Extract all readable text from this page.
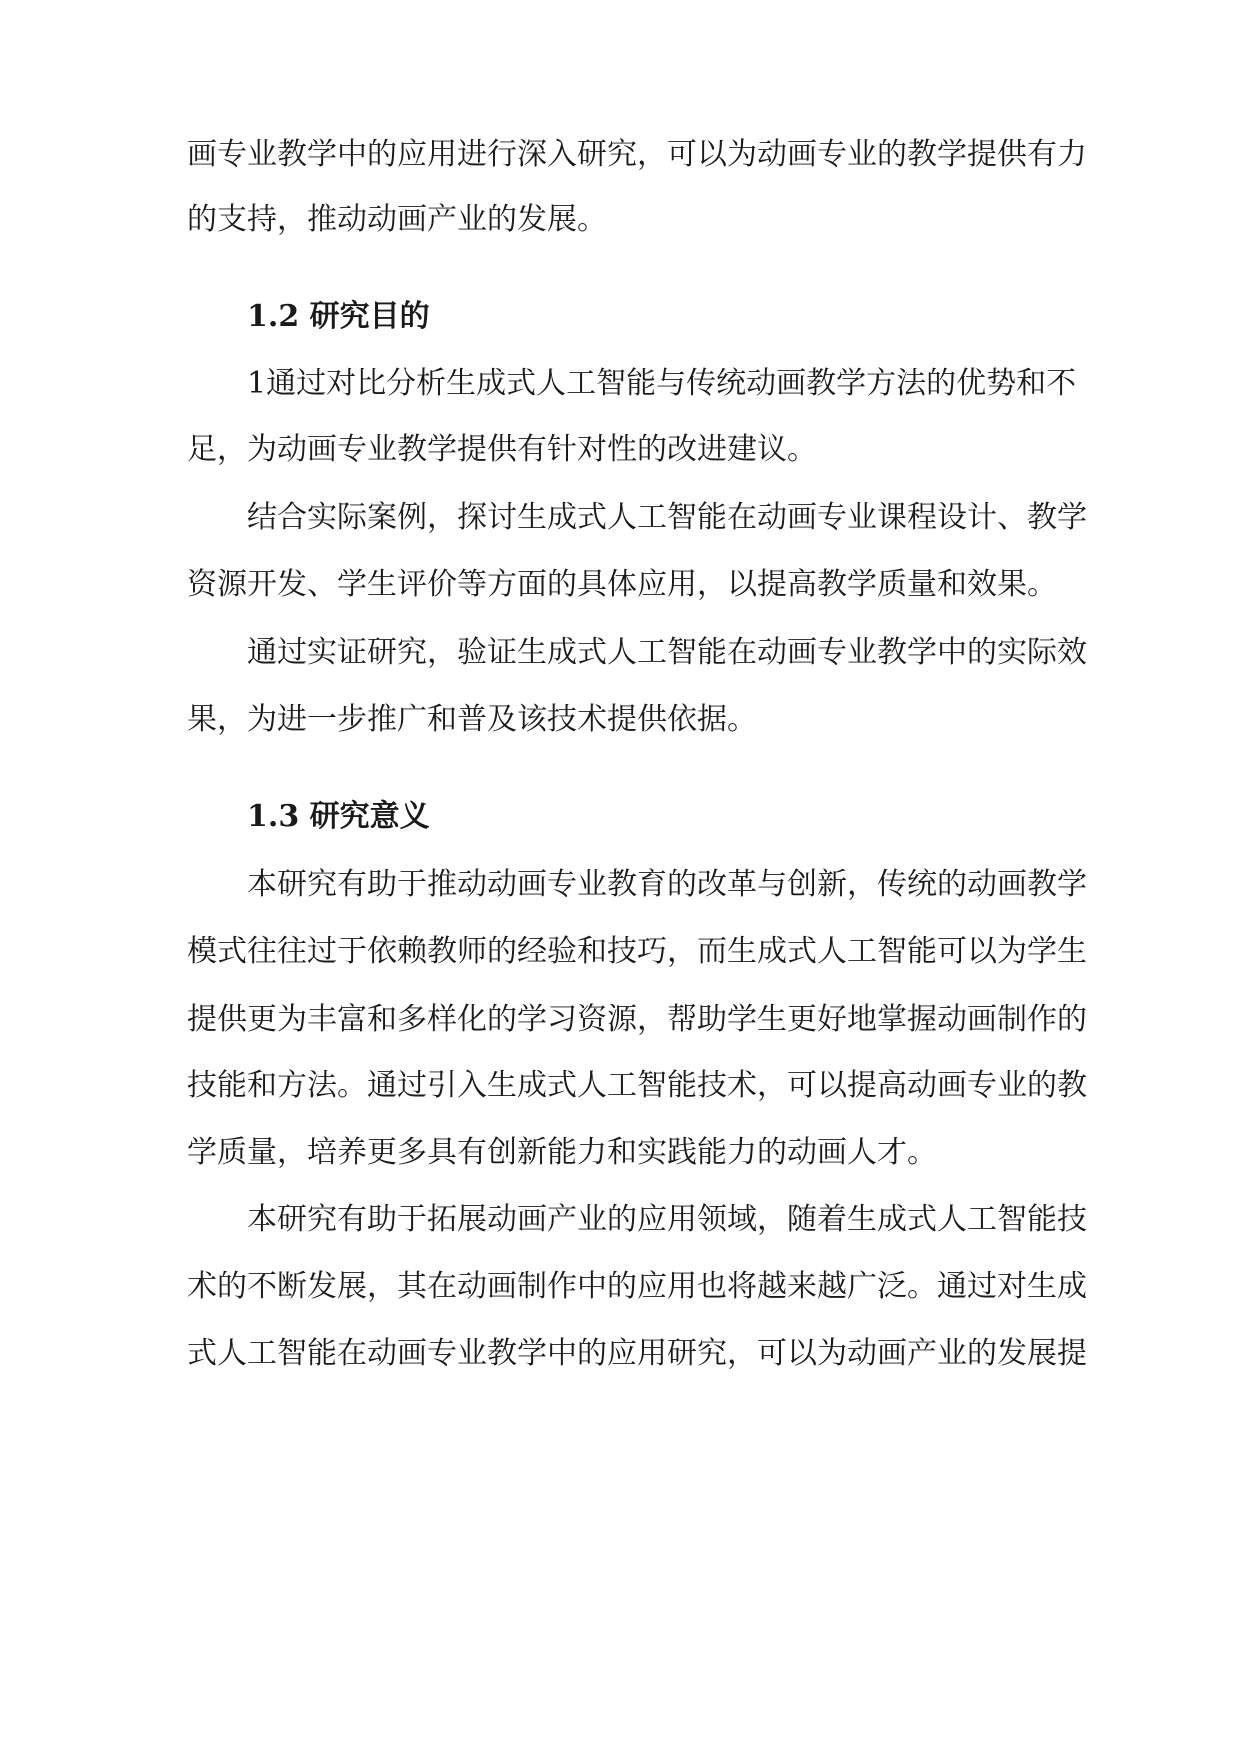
画专业教学中的应用进行深入研究，可以为动画专业的教学提供有力
的支持，推动动画产业的发展。
1.2 研究目的
1通过对比分析生成式人工智能与传统动画教学方法的优势和不
足，为动画专业教学提供有针对性的改进建议。
结合实际案例，探讨生成式人工智能在动画专业课程设计、教学
资源开发、学生评价等方面的具体应用，以提高教学质量和效果。
通过实证研究，验证生成式人工智能在动画专业教学中的实际效
果，为进一步推广和普及该技术提供依据。
1.3 研究意义
本研究有助于推动动画专业教育的改革与创新，传统的动画教学
模式往往过于依赖教师的经验和技巧，而生成式人工智能可以为学生
提供更为丰富和多样化的学习资源，帮助学生更好地掌握动画制作的
技能和方法。通过引入生成式人工智能技术，可以提高动画专业的教
学质量，培养更多具有创新能力和实践能力的动画人才。
本研究有助于拓展动画产业的应用领域，随着生成式人工智能技
术的不断发展，其在动画制作中的应用也将越来越广泛。通过对生成
式人工智能在动画专业教学中的应用研究，可以为动画产业的发展提
